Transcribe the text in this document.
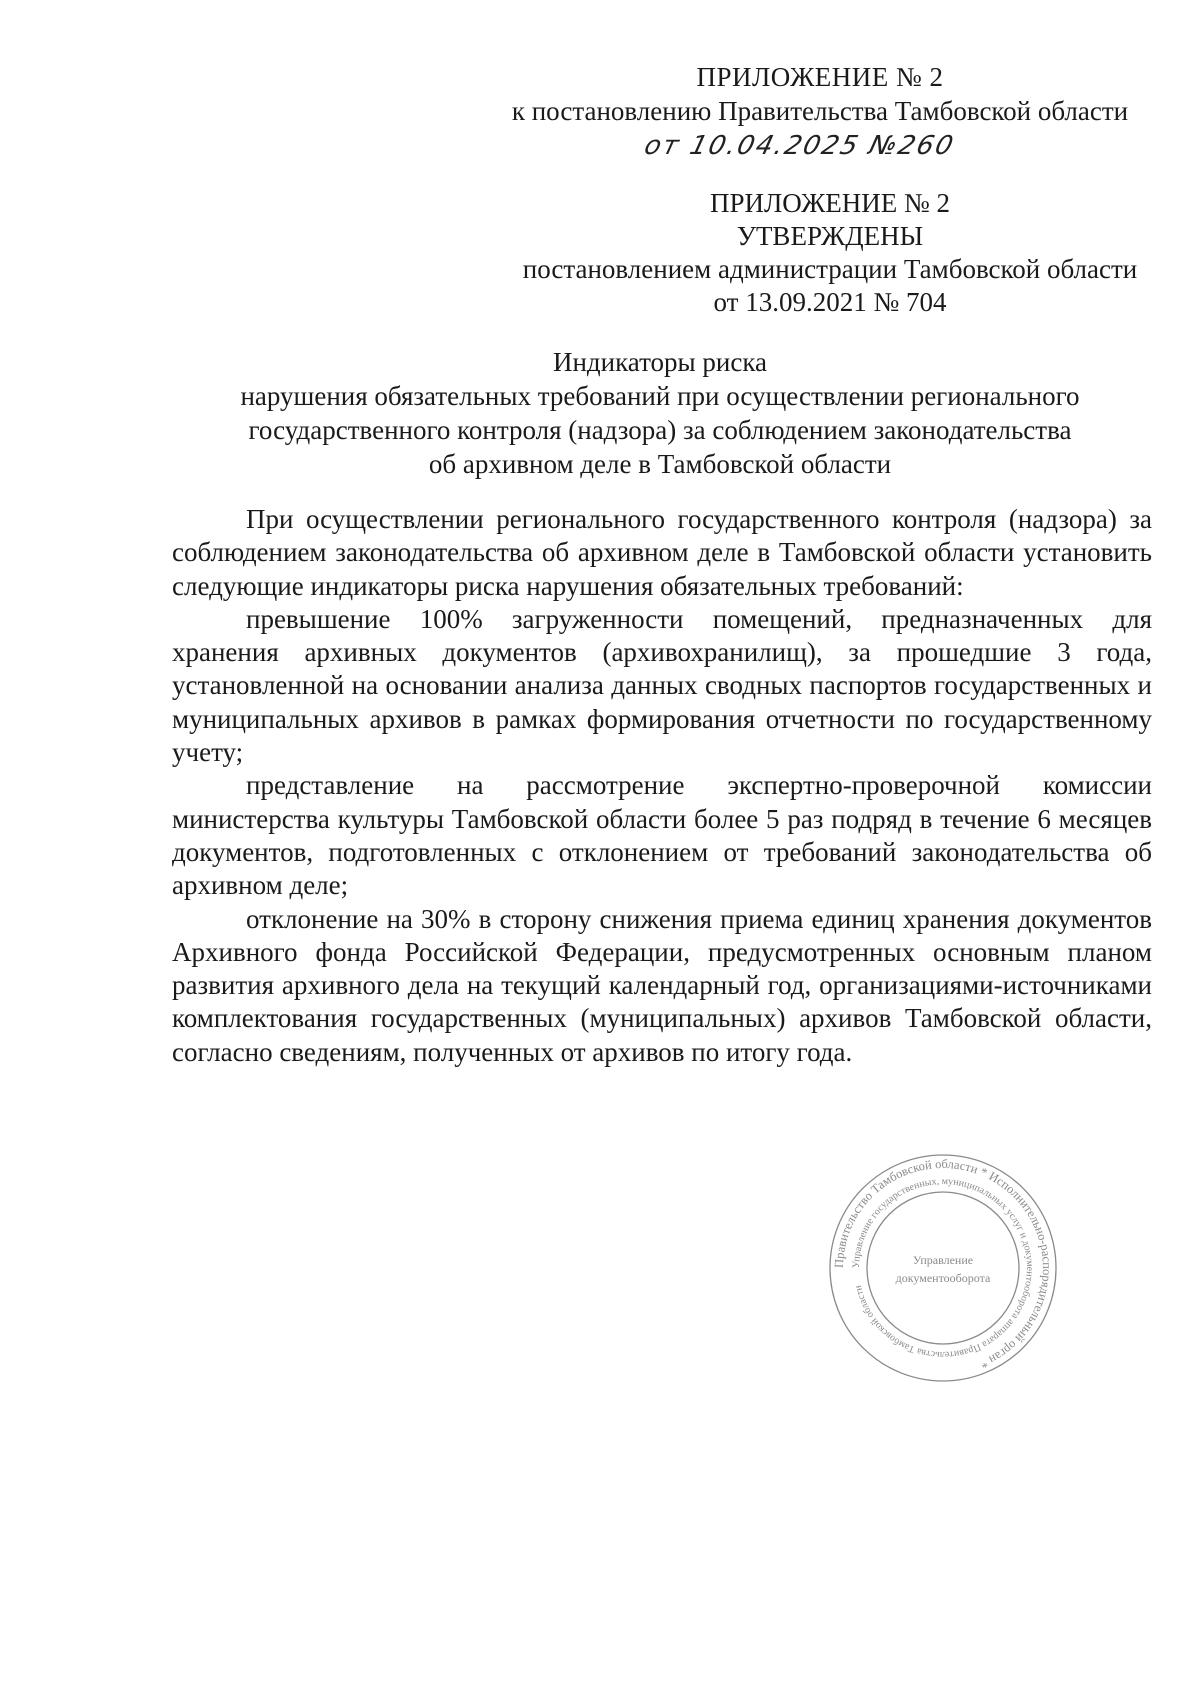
ПРИЛОЖЕНИЕ № 2
к постановлению Правительства Тамбовской области
от 10.04.2025 №260
ПРИЛОЖЕНИЕ № 2
УТВЕРЖДЕНЫ
постановлением администрации Тамбовской области
от 13.09.2021 № 704
Индикаторы риска
нарушения обязательных требований при осуществлении регионального
государственного контроля (надзора) за соблюдением законодательства
об архивном деле в Тамбовской области

При осуществлении регионального государственного контроля (надзора) за соблюдением законодательства об архивном деле в Тамбовской области установить следующие индикаторы риска нарушения обязательных требований:

превышение 100% загруженности помещений, предназначенных для хранения архивных документов (архивохранилищ), за прошедшие 3 года, установленной на основании анализа данных сводных паспортов государственных и муниципальных архивов в рамках формирования отчетности по государственному учету;

представление на рассмотрение экспертно-проверочной комиссии министерства культуры Тамбовской области более 5 раз подряд в течение 6 месяцев документов, подготовленных с отклонением от требований законодательства об архивном деле;

отклонение на 30% в сторону снижения приема единиц хранения документов Архивного фонда Российской Федерации, предусмотренных основным планом развития архивного дела на текущий календарный год, организациями-источниками комплектования государственных (муниципальных) архивов Тамбовской области, согласно сведениям, полученных от архивов по итогу года.

Правительство Тамбовской области * Исполнительно-распорядительный орган *
Управление государственных, муниципальных услуг и документооборота аппарата Правительства Тамбовской области
Управление
документооборота
